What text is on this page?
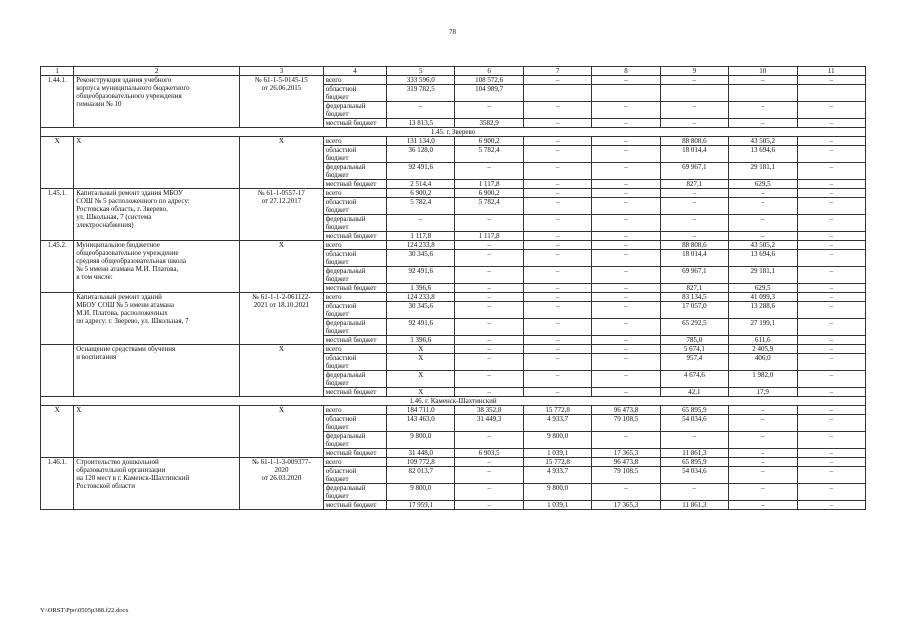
78
1	2	3	4	5	6	7	8	9	10	11
1.44.1.	Реконструкция здания учебного
корпуса муниципального бюджетного
общеобразовательного учреждения
гимназии № 10	№ 61-1-5-0145-15
от 26.06.2015	всего	333 596,0	108 572,6	–	–	–	–	–
			областной
бюджет	319 782,5	104 989,7					
			федеральный
бюджет	–	–	–	–	–	–	–
			местный бюджет	13 813,5	3582,9	–	–	–	–	–
1.45. г. Зверево										
Х	Х	Х	всего	131 134,0	6 900,2	–	–	88 808,6	43 505,2	–
			областной
бюджет	36 128,0	5 782,4	–	–	18 014,4	13 694,6	–
			федеральный
бюджет	92 491,6	–	–	–	69 967,1	29 181,1	–
			местный бюджет	2 514,4	1 117,8	–	–	827,1	629,5	–
1.45.1.	Капитальный ремонт здания МБОУ
СОШ № 5 расположенного по адресу:
Ростовская область, г. Зверево,
ул. Школьная, 7 (система
электроснабжения)	№ 61-1-0557-17
от 27.12.2017	всего	6 900,2	6 900,2	–	–	–	–	–
			областной
бюджет	5 782,4	5 782,4	–	–	–	–	–
			федеральный
бюджет	–	–	–	–	–	–	–
			местный бюджет	1 117,8	1 117,8	–	–	–	–	–
1.45.2.	Муниципальное бюджетное
общеобразовательное учреждение
средняя общеобразовательная школа
№ 5 имени атамана М.И. Платова,
в том числе:	Х	всего	124 233,8	–	–	–	88 808,6	43 505,2	–
			областной
бюджет	30 345,6	–	–	–	18 014,4	13 694,6	–
			федеральный
бюджет	92 491,6	–	–	–	69 967,1	29 181,1	–
			местный бюджет	1 396,6	–	–	–	827,1	629,5	–
	Капитальный ремонт зданий
МБОУ СОШ № 5 имени атамана
М.И. Платова, расположенных
по адресу: г. Зверево, ул. Школьная, 7	№ 61-1-1-2-061122-
2021 от 18.10.2021	всего	124 233,8	–	–	–	83 134,5	41 099,3	–
			областной
бюджет	30 345,6	–	–	–	17 057,0	13 288,6	–
			федеральный
бюджет	92 491,6	–	–	–	65 292,5	27 199,1	–
			местный бюджет	1 396,6	–	–	–	785,0	611,6	–
	Оснащение средствами обучения
и воспитания	Х	всего	Х	–	–	–	5 674,1	2 405,9	–
			областной
бюджет	Х	–	–	–	957,4	406,0	–
			федеральный
бюджет	Х	–	–	–	4 674,6	1 982,0	–
			местный бюджет	Х	–	–	–	42,1	17,9	–
1.46. г. Каменск-Шахтинский										
Х	Х	Х	всего	184 711,0	38 352,8	15 772,8	96 473,8	65 895,9	–	–
			областной
бюджет	143 463,0	31 449,3	4 933,7	79 108,5	54 034,6	–	–
			федеральный
бюджет	9 800,0	–	9 800,0	–	–	–	–
			местный бюджет	31 448,0	6 903,5	1 039,1	17 365,3	11 861,3	–	–
1.46.1.	Строительство дошкольной
образовательной организации
на 120 мест в г. Каменск-Шахтинский
Ростовской области	№ 61-1-1-3-009377-
2020
от 26.03.2020	всего	109 772,8	–	15 772,8	96 473,8	65 895,9	–	–
			областной
бюджет	82 013,7	–	4 933,7	79 108,5	54 034,6	–	–
			федеральный
бюджет	9 800,0	–	9 800,0	–	–	–	–
			местный бюджет	17 959,1	–	1 039,1	17 365,3	11 861,3	–	–
Y:\ORST\Ppo\0505p388.f22.docx
